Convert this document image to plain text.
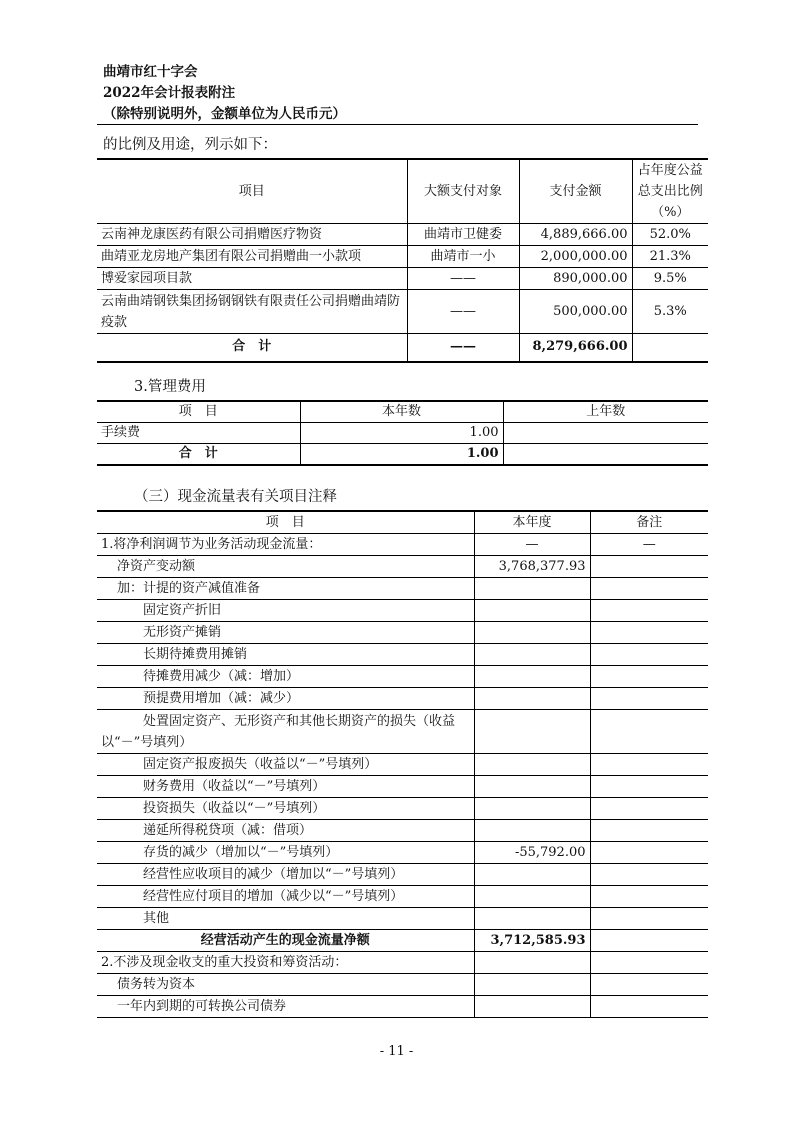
曲靖市红十字会
2022年会计报表附注
（除特别说明外，金额单位为人民币元）
的比例及用途，列示如下：
项目	大额支付对象	支付金额	占年度公益总支出比例（%）
云南神龙康医药有限公司捐赠医疗物资	曲靖市卫健委	4,889,666.00	52.0%
曲靖亚龙房地产集团有限公司捐赠曲一小款项	曲靖市一小	2,000,000.00	21.3%
博爱家园项目款	——	890,000.00	9.5%
云南曲靖钢铁集团扬钢钢铁有限责任公司捐赠曲靖防疫款	——	500,000.00	5.3%
合　计	——	8,279,666.00	
3.管理费用
项　目	本年数	上年数
手续费	1.00	
合　计	1.00	
（三）现金流量表有关项目注释
项　目	本年度	备注
1.将净利润调节为业务活动现金流量：	—	—
净资产变动额	3,768,377.93	
加：计提的资产减值准备		
固定资产折旧		
无形资产摊销		
长期待摊费用摊销		
待摊费用减少（减：增加）		
预提费用增加（减：减少）		
处置固定资产、无形资产和其他长期资产的损失（收益以“－”号填列）		
固定资产报废损失（收益以“－”号填列）		
财务费用（收益以“－”号填列）		
投资损失（收益以“－”号填列）		
递延所得税贷项（减：借项）		
存货的减少（增加以“－”号填列）	-55,792.00	
经营性应收项目的减少（增加以“－”号填列）		
经营性应付项目的增加（减少以“－”号填列）		
其他		
经营活动产生的现金流量净额	3,712,585.93	
2.不涉及现金收支的重大投资和筹资活动：		
债务转为资本		
一年内到期的可转换公司债券		
- 11 -
